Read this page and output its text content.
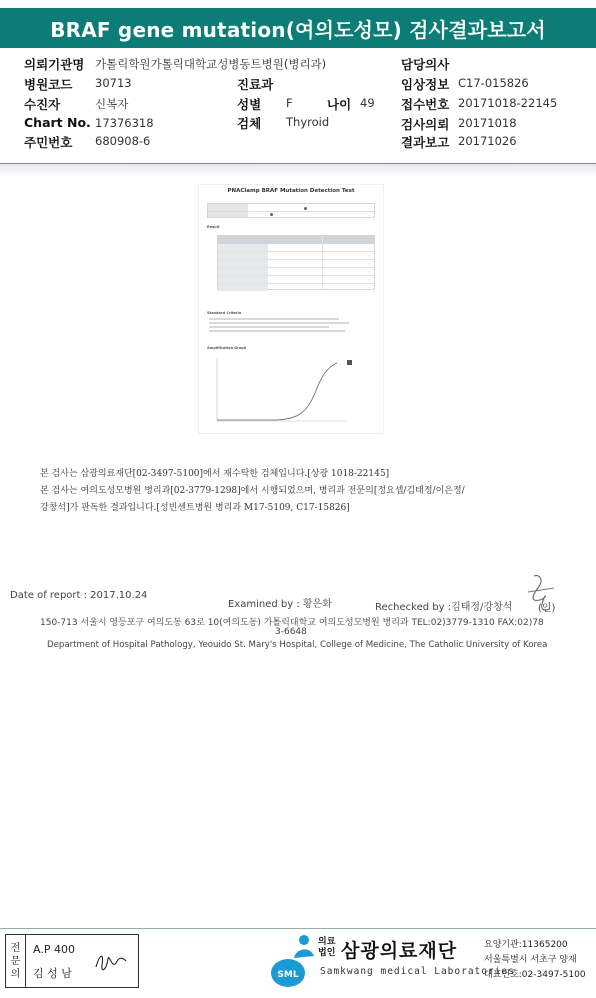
BRAF gene mutation(여의도성모) 검사결과보고서
의뢰기관명 가톨릭학원가톨릭대학교성병동트병원(병리과)	담당의사
병원코드 30713	진료과	임상정보 C17-015826
수진자	신복자	성별 F	나이 49 접수번호 20171018-22145
Chart No. 17376318	검체 Thyroid	검사의뢰 20171018
주민번호 680908-6	결과보고 20171026
PNAClamp BRAF Mutation Detection Test
Result
Standard Criteria
Amplification Graph
본 검사는 삼광의료재단[02-3497-5100]에서 재수탁한 검체입니다.[상광 1018-22145]
본 검사는 여의도성모병원 병리과[02-3779-1298]에서 시행되었으며, 병리과 전문의[정요셉/김태정/이은정/
강창석]가 판독한 결과입니다.[성빈센트병원 병리과 M17-5109, C17-15826]
Date of report : 2017.10.24
Examined by : 황은화	Rechecked by :김태정/강창석	(인)
150-713 서울시 영등포구 여의도동 63로 10(여의도동) 가톨릭대학교 여의도성모병원 병리과 TEL:02)3779-1310 FAX:02)78
3-6648
Department of Hospital Pathology, Yeouido St. Mary's Hospital, College of Medicine, The Catholic University of Korea
전
문
의
A.P 400
김 성 남	SML
의료
법인 삼광의료재단
Samkwang medical Laboratories
요양기관:11365200
서울특별시 서초구 양재
대표번호:02-3497-5100
